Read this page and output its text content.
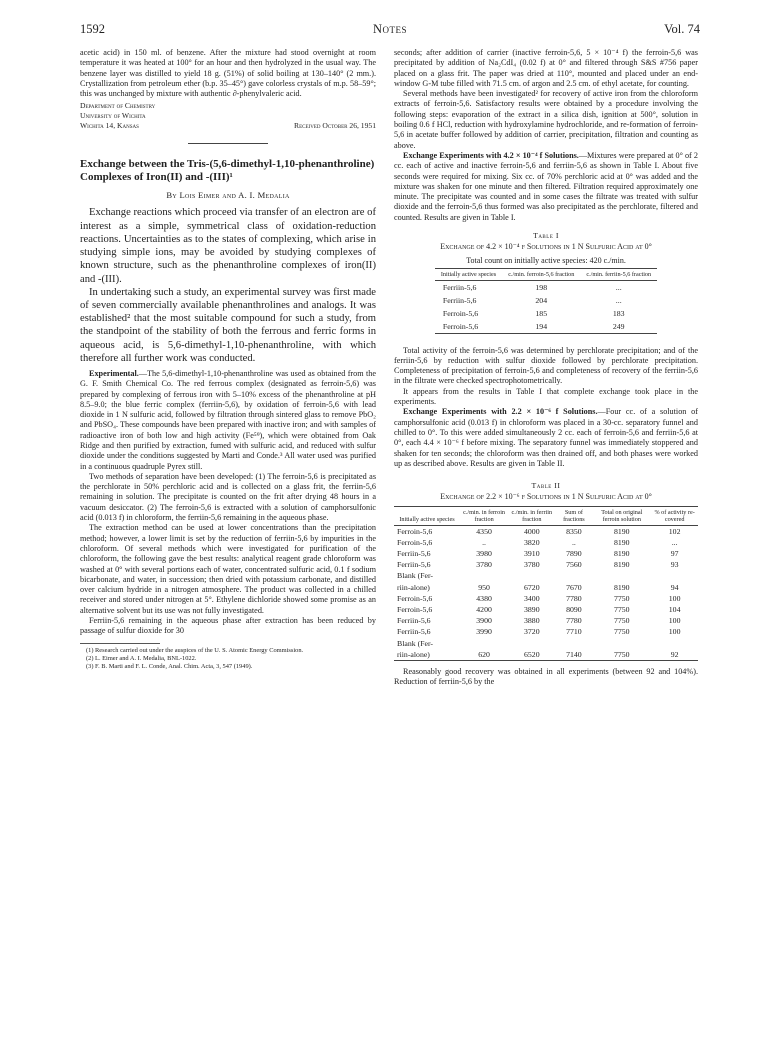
1592	Notes	Vol. 74

acetic acid) in 150 ml. of benzene. After the mixture had stood overnight at room temperature it was heated at 100° for an hour and then hydrolyzed in the usual way. The benzene layer was distilled to yield 18 g. (51%) of solid boiling at 130–140° (2 mm.). Crystallization from petroleum ether (b.p. 35–45°) gave colorless crystals of m.p. 58–59°; this was unchanged by mixture with authentic ∂-phenylvaleric acid.

Department of Chemistry
University of Wichita
Wichita 14, Kansas	Received October 26, 1951
Exchange between the Tris-(5,6-dimethyl-1,10-phenanthroline) Complexes of Iron(II) and -(III)¹
By Lois Eimer and A. I. Medalia

Exchange reactions which proceed via transfer of an electron are of interest as a simple, symmetrical class of oxidation-reduction reactions. Uncertainties as to the states of complexing, which arise in studying simple ions, may be avoided by studying complexes of known structure, such as the phenanthroline complexes of iron(II) and -(III).

In undertaking such a study, an experimental survey was first made of seven commercially available phenanthrolines and analogs. It was established² that the most suitable compound for such a study, from the standpoint of the stability of both the ferrous and ferric forms in aqueous acid, is 5,6-dimethyl-1,10-phenanthroline, with which therefore all further work was conducted.

Experimental.—The 5,6-dimethyl-1,10-phenanthroline was used as obtained from the G. F. Smith Chemical Co. The red ferrous complex (designated as ferroin-5,6) was prepared by complexing of ferrous iron with 5–10% excess of the phenanthroline at pH 8.5–9.0; the blue ferric complex (ferriin-5,6), by oxidation of ferroin-5,6 with lead dioxide in 1 N sulfuric acid, followed by filtration through sintered glass to remove PbO₂ and PbSO₄. These compounds have been prepared with inactive iron; and with samples of radioactive iron of both low and high activity (Fe⁵⁹), which were obtained from Oak Ridge and then purified by extraction, fumed with sulfuric acid, and reduced with sulfur dioxide under the conditions suggested by Marti and Conde.³ All water used was purified in a continuous quadruple Pyrex still.

Two methods of separation have been developed: (1) The ferroin-5,6 is precipitated as the perchlorate in 50% perchloric acid and is collected on a glass frit, the ferriin-5,6 remaining in solution. The precipitate is counted on the frit after drying 48 hours in a vacuum desiccator. (2) The ferroin-5,6 is extracted with a solution of camphorsulfonic acid (0.013 f) in chloroform, the ferriin-5,6 remaining in the aqueous phase.

The extraction method can be used at lower concentrations than the precipitation method; however, a lower limit is set by the reduction of ferriin-5,6 by impurities in the chloroform. Of several methods which were investigated for purification of the chloroform, the following gave the best results: analytical reagent grade chloroform was washed at 0° with several portions each of water, concentrated sulfuric acid, 0.1 f sodium bicarbonate, and water, in succession; then dried with potassium carbonate, and distilled over calcium hydride in a nitrogen atmosphere. The product was collected in a chilled receiver and stored under nitrogen at 5°. Ethylene dichloride showed some promise as an alternative solvent but its use was not fully investigated.

Ferriin-5,6 remaining in the aqueous phase after extraction has been reduced by passage of sulfur dioxide for 30

(1) Research carried out under the auspices of the U. S. Atomic Energy Commission.

(2) L. Eimer and A. I. Medalia, BNL-1022.

(3) F. B. Marti and F. L. Conde, Anal. Chim. Acta, 3, 547 (1949).

seconds; after addition of carrier (inactive ferroin-5,6, 5 × 10⁻⁴ f) the ferroin-5,6 was precipitated by addition of Na₂CdI₄ (0.02 f) at 0° and filtered through S&S #756 paper placed on a glass frit. The paper was dried at 110°, mounted and placed under an end-window G-M tube filled with 71.5 cm. of argon and 2.5 cm. of ethyl acetate, for counting.

Several methods have been investigated² for recovery of active iron from the chloroform extracts of ferroin-5,6. Satisfactory results were obtained by a procedure involving the following steps: evaporation of the extract in a silica dish, ignition at 500°, solution in boiling 0.6 f HCl, reduction with hydroxylamine hydrochloride, and re-formation of ferroin-5,6 in acetate buffer followed by addition of carrier, precipitation, filtration and counting as above.

Exchange Experiments with 4.2 × 10⁻⁴ f Solutions.—Mixtures were prepared at 0° of 2 cc. each of active and inactive ferroin-5,6 and ferriin-5,6 as shown in Table I. About five seconds were required for mixing. Six cc. of 70% perchloric acid at 0° was added and the mixture was shaken for one minute and then filtered. Filtration required approximately one minute. The precipitate was counted and in some cases the filtrate was treated with sulfur dioxide and the ferroin-5,6 thus formed was also precipitated as the perchlorate, filtered and counted. Results are given in Table I.

Table I
Exchange of 4.2 × 10⁻⁴ f Solutions in 1 N Sulfuric Acid at 0°
Total count on initially active species: 420 c./min.
Initially active species	c./min. ferroin-5,6 fraction	c./min. ferriin-5,6 fraction
Ferriin-5,6	198	...
Ferriin-5,6	204	...
Ferroin-5,6	185	183
Ferroin-5,6	194	249

Total activity of the ferroin-5,6 was determined by perchlorate precipitation; and of the ferriin-5,6 by reduction with sulfur dioxide followed by perchlorate precipitation. Completeness of precipitation of ferroin-5,6 and completeness of recovery of the ferriin-5,6 in the filtrate were checked spectrophotometrically.

It appears from the results in Table I that complete exchange took place in the experiments.

Exchange Experiments with 2.2 × 10⁻⁶ f Solutions.—Four cc. of a solution of camphorsulfonic acid (0.013 f) in chloroform was placed in a 30-cc. separatory funnel and chilled to 0°. To this were added simultaneously 2 cc. each of ferroin-5,6 and ferriin-5,6 at 0°, each 4.4 × 10⁻⁶ f before mixing. The separatory funnel was immediately stoppered and shaken for ten seconds; the chloroform was then drained off, and both phases were worked up as described above. Results are given in Table II.

Table II
Exchange of 2.2 × 10⁻⁶ f Solutions in 1 N Sulfuric Acid at 0°
Initially active species	c./min. in ferroin fraction	c./min. in ferriin fraction	Sum of fractions	Total on original ferroin solution	% of activity re-covered
Ferroin-5,6	4350	4000	8350	8190	102
Ferroin-5,6	..	3820	..	8190	...
Ferriin-5,6	3980	3910	7890	8190	97
Ferriin-5,6	3780	3780	7560	8190	93
Blank (Fer-					
riin-alone)	950	6720	7670	8190	94
Ferroin-5,6	4380	3400	7780	7750	100
Ferroin-5,6	4200	3890	8090	7750	104
Ferriin-5,6	3900	3880	7780	7750	100
Ferriin-5,6	3990	3720	7710	7750	100
Blank (Fer-					
riin-alone)	620	6520	7140	7750	92

Reasonably good recovery was obtained in all experiments (between 92 and 104%). Reduction of ferriin-5,6 by the
